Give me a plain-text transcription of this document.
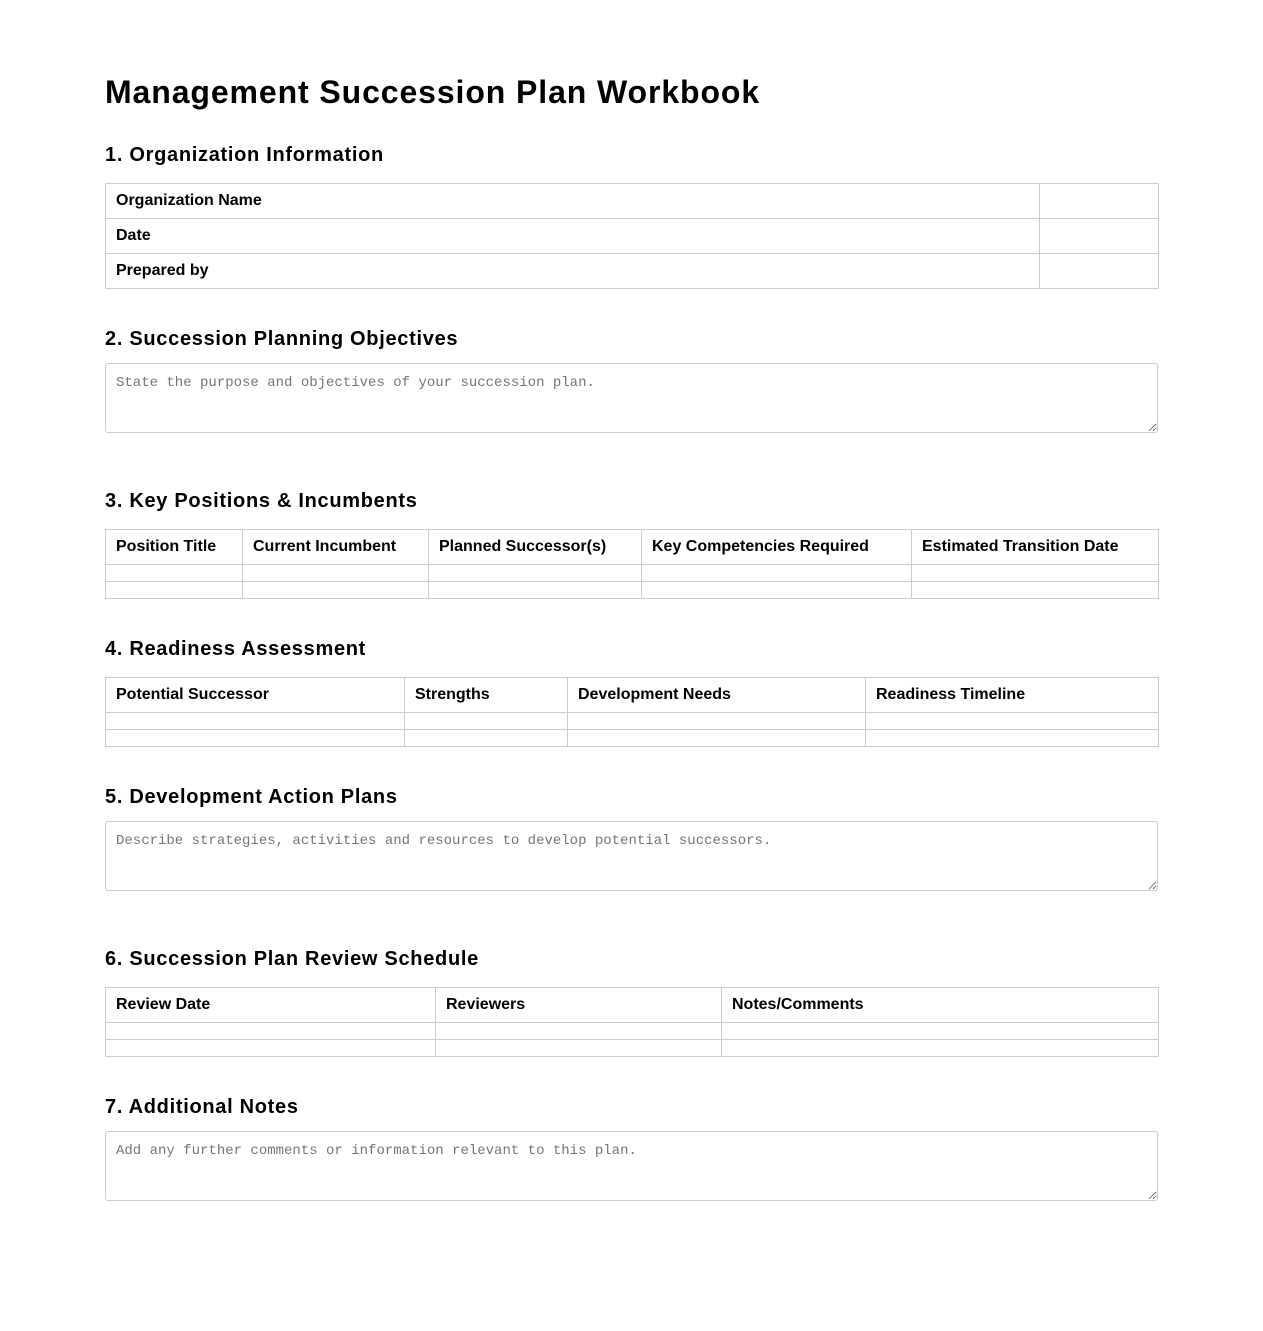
Management Succession Plan Workbook
1. Organization Information
Organization Name	
Date	
Prepared by	
2. Succession Planning Objectives
State the purpose and objectives of your succession plan.
3. Key Positions & Incumbents
Position Title	Current Incumbent	Planned Successor(s)	Key Competencies Required	Estimated Transition Date

4. Readiness Assessment
Potential Successor	Strengths	Development Needs	Readiness Timeline

5. Development Action Plans
Describe strategies, activities and resources to develop potential successors.
6. Succession Plan Review Schedule
Review Date	Reviewers	Notes/Comments

7. Additional Notes
Add any further comments or information relevant to this plan.
